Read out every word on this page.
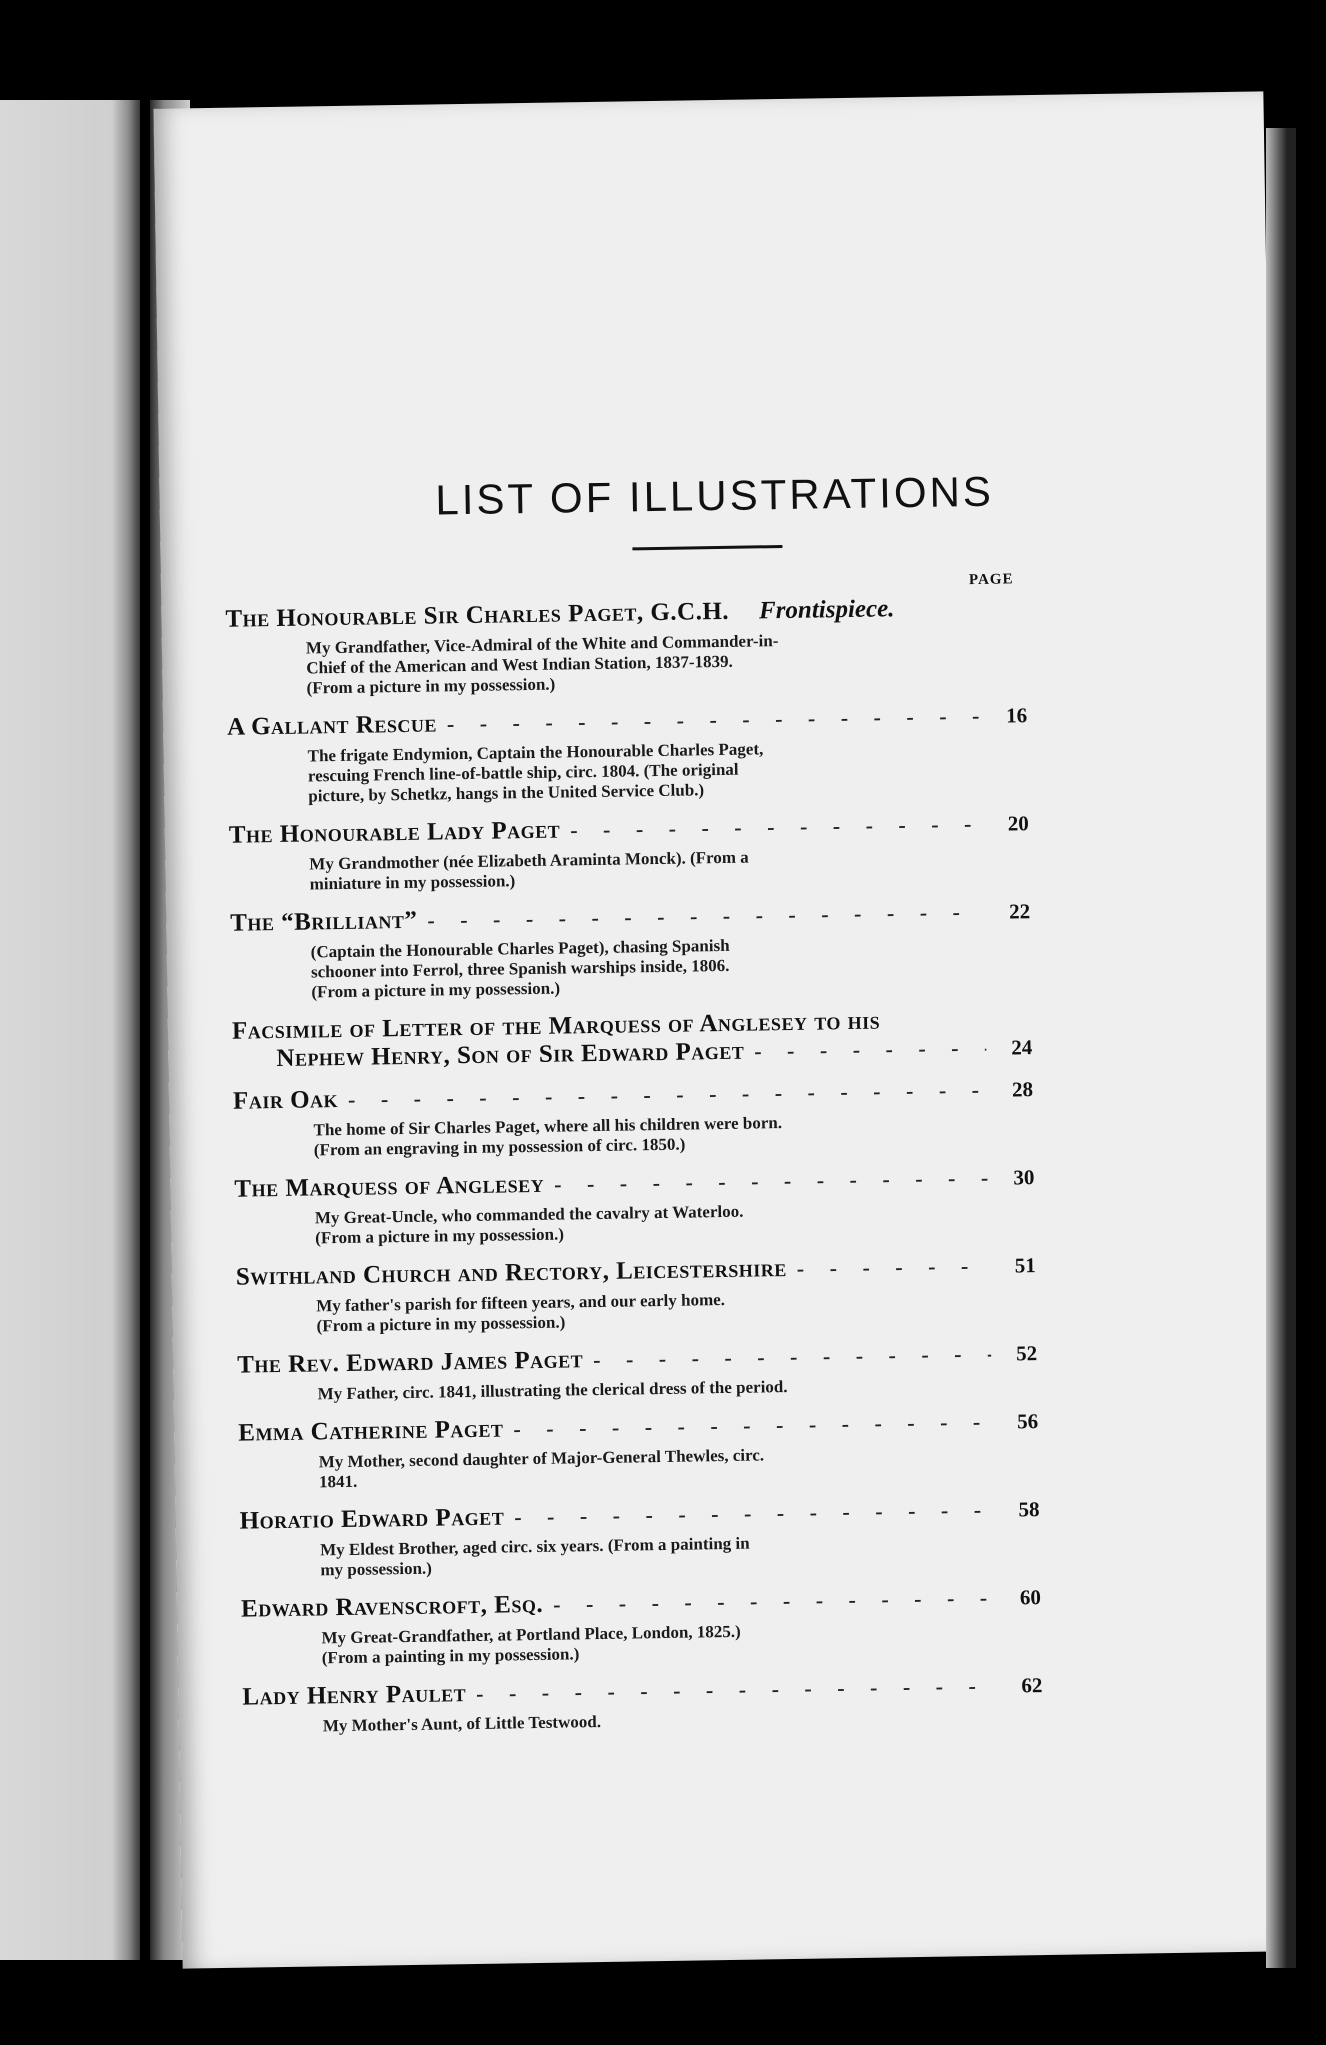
LIST OF ILLUSTRATIONS
PAGE
The Honourable Sir Charles Paget, G.C.H. Frontispiece.
My Grandfather, Vice-Admiral of the White and Commander-in-
Chief of the American and West Indian Station, 1837-1839.
(From a picture in my possession.)
A Gallant Rescue - - -	16
The frigate Endymion, Captain the Honourable Charles Paget,
rescuing French line-of-battle ship, circ. 1804. (The original
picture, by Schetkz, hangs in the United Service Club.)
The Honourable Lady Paget - - -	20
My Grandmother (née Elizabeth Araminta Monck). (From a
miniature in my possession.)
The “Brilliant” - - -	22
(Captain the Honourable Charles Paget), chasing Spanish
schooner into Ferrol, three Spanish warships inside, 1806.
(From a picture in my possession.)
Facsimile of Letter of the Marquess of Anglesey to his
Nephew Henry, Son of Sir Edward Paget - - -	24
Fair Oak - - -	28
The home of Sir Charles Paget, where all his children were born.
(From an engraving in my possession of circ. 1850.)
The Marquess of Anglesey - - -	30
My Great-Uncle, who commanded the cavalry at Waterloo.
(From a picture in my possession.)
Swithland Church and Rectory, Leicestershire - - -	51
My father's parish for fifteen years, and our early home.
(From a picture in my possession.)
The Rev. Edward James Paget - - -	52
My Father, circ. 1841, illustrating the clerical dress of the period.
Emma Catherine Paget - - -	56
My Mother, second daughter of Major-General Thewles, circ.
1841.
Horatio Edward Paget - - -	58
My Eldest Brother, aged circ. six years. (From a painting in
my possession.)
Edward Ravenscroft, Esq. - - -	60
My Great-Grandfather, at Portland Place, London, 1825.)
(From a painting in my possession.)
Lady Henry Paulet - - -	62
My Mother's Aunt, of Little Testwood.
